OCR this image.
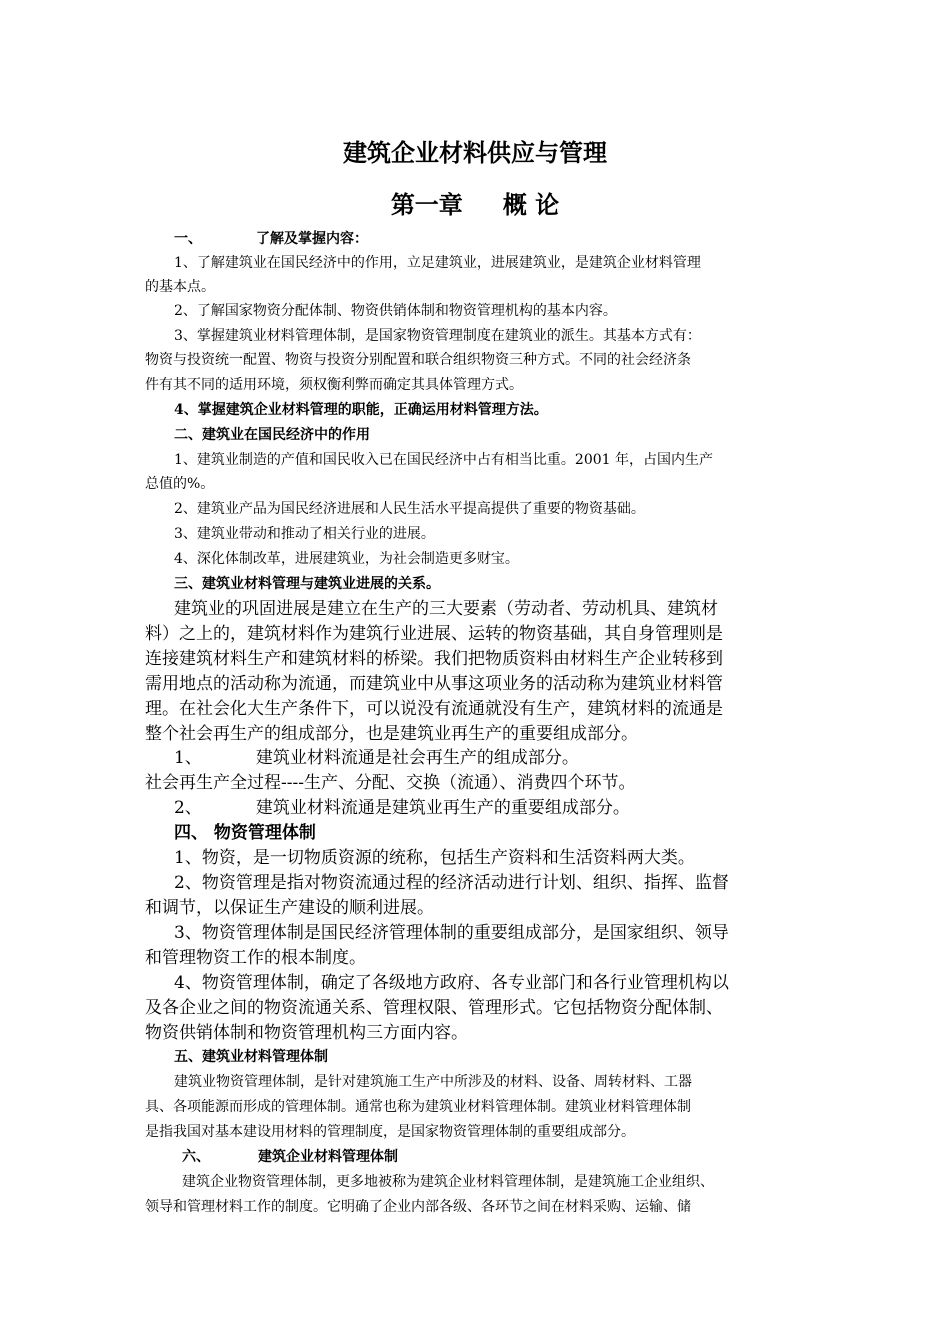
建筑企业材料供应与管理
第一章 概 论
一、	了解及掌握内容：
1、了解建筑业在国民经济中的作用，立足建筑业，进展建筑业，是建筑企业材料管理
的基本点。
2、了解国家物资分配体制、物资供销体制和物资管理机构的基本内容。
3、掌握建筑业材料管理体制，是国家物资管理制度在建筑业的派生。其基本方式有：
物资与投资统一配置、物资与投资分别配置和联合组织物资三种方式。不同的社会经济条
件有其不同的适用环境，须权衡利弊而确定其具体管理方式。
4、掌握建筑企业材料管理的职能，正确运用材料管理方法。
二、建筑业在国民经济中的作用
1、建筑业制造的产值和国民收入已在国民经济中占有相当比重。2001 年，占国内生产
总值的%。
2、建筑业产品为国民经济进展和人民生活水平提高提供了重要的物资基础。
3、建筑业带动和推动了相关行业的进展。
4、深化体制改革，进展建筑业，为社会制造更多财宝。
三、建筑业材料管理与建筑业进展的关系。
建筑业的巩固进展是建立在生产的三大要素（劳动者、劳动机具、建筑材
料）之上的，建筑材料作为建筑行业进展、运转的物资基础，其自身管理则是
连接建筑材料生产和建筑材料的桥梁。我们把物质资料由材料生产企业转移到
需用地点的活动称为流通，而建筑业中从事这项业务的活动称为建筑业材料管
理。在社会化大生产条件下，可以说没有流通就没有生产，建筑材料的流通是
整个社会再生产的组成部分，也是建筑业再生产的重要组成部分。
1、	建筑业材料流通是社会再生产的组成部分。
社会再生产全过程----生产、分配、交换（流通）、消费四个环节。
2、	建筑业材料流通是建筑业再生产的重要组成部分。
四、 物资管理体制
1、物资，是一切物质资源的统称，包括生产资料和生活资料两大类。
2、物资管理是指对物资流通过程的经济活动进行计划、组织、指挥、监督
和调节，以保证生产建设的顺利进展。
3、物资管理体制是国民经济管理体制的重要组成部分，是国家组织、领导
和管理物资工作的根本制度。
4、物资管理体制，确定了各级地方政府、各专业部门和各行业管理机构以
及各企业之间的物资流通关系、管理权限、管理形式。它包括物资分配体制、
物资供销体制和物资管理机构三方面内容。
五、建筑业材料管理体制
建筑业物资管理体制，是针对建筑施工生产中所涉及的材料、设备、周转材料、工器
具、各项能源而形成的管理体制。通常也称为建筑业材料管理体制。建筑业材料管理体制
是指我国对基本建设用材料的管理制度，是国家物资管理体制的重要组成部分。
六、	建筑企业材料管理体制
建筑企业物资管理体制，更多地被称为建筑企业材料管理体制，是建筑施工企业组织、
领导和管理材料工作的制度。它明确了企业内部各级、各环节之间在材料采购、运输、储
